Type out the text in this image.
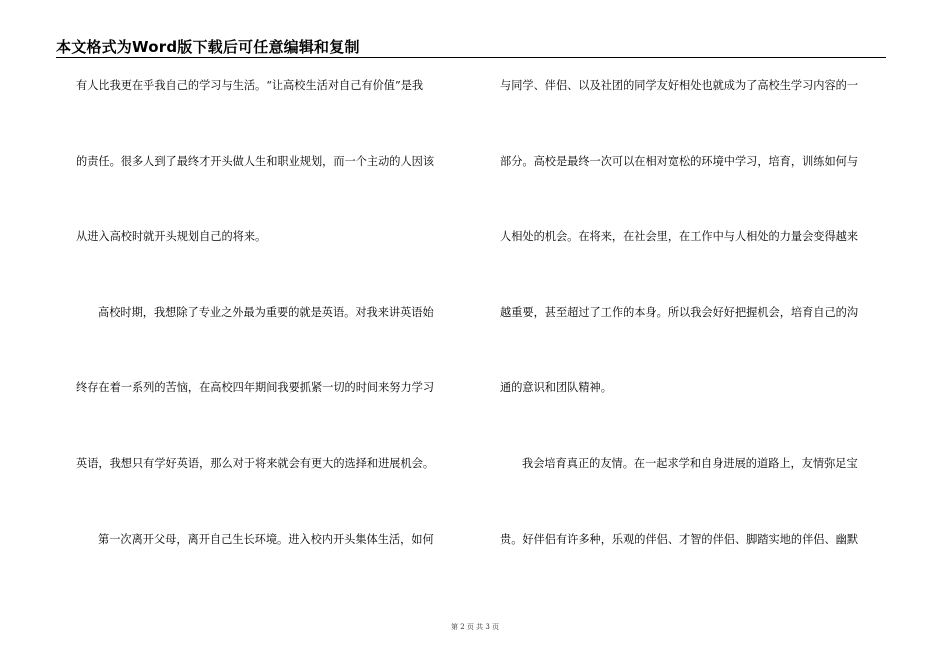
本文格式为Word版下载后可任意编辑和复制
有人比我更在乎我自己的学习与生活。“让高校生活对自己有价值”是我
的责任。很多人到了最终才开头做人生和职业规划，而一个主动的人因该
从进入高校时就开头规划自己的将来。
高校时期，我想除了专业之外最为重要的就是英语。对我来讲英语始
终存在着一系列的苦恼，在高校四年期间我要抓紧一切的时间来努力学习
英语，我想只有学好英语，那么对于将来就会有更大的选择和进展机会。
第一次离开父母，离开自己生长环境。进入校内开头集体生活，如何
与同学、伴侣、以及社团的同学友好相处也就成为了高校生学习内容的一
部分。高校是最终一次可以在相对宽松的环境中学习，培育，训练如何与
人相处的机会。在将来，在社会里，在工作中与人相处的力量会变得越来
越重要，甚至超过了工作的本身。所以我会好好把握机会，培育自己的沟
通的意识和团队精神。
我会培育真正的友情。在一起求学和自身进展的道路上，友情弥足宝
贵。好伴侣有许多种，乐观的伴侣、才智的伴侣、脚踏实地的伴侣、幽默
第 2 页 共 3 页
